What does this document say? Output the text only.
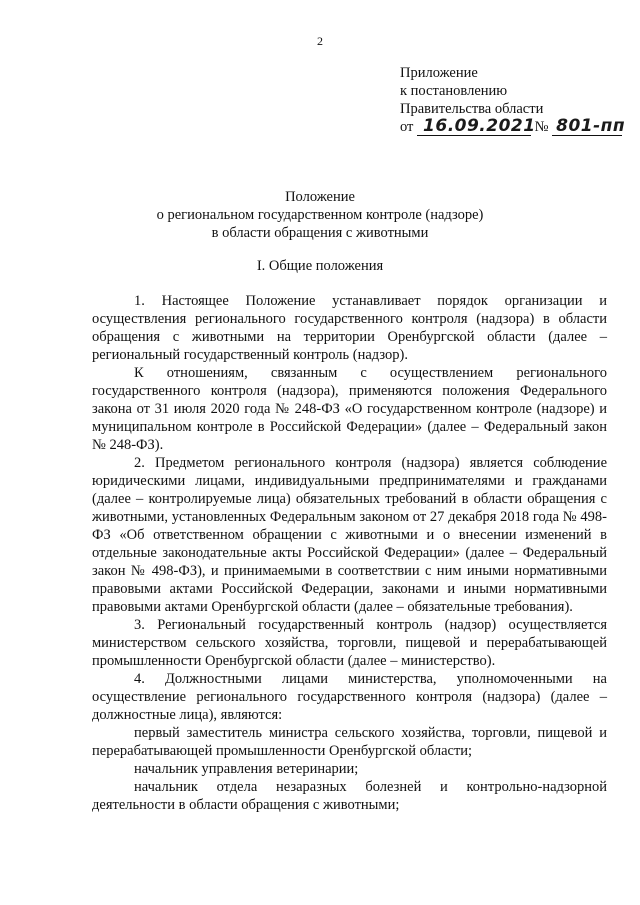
2
Приложение
к постановлению
Правительства области
от 16.09.2021 № 801-пп
Положение
о региональном государственном контроле (надзоре)
в области обращения с животными
I. Общие положения

1. Настоящее Положение устанавливает порядок организации и осуществления регионального государственного контроля (надзора) в области обращения с животными на территории Оренбургской области (далее – региональный государственный контроль (надзор).

К отношениям, связанным с осуществлением регионального государственного контроля (надзора), применяются положения Федерального закона от 31 июля 2020 года № 248-ФЗ «О государственном контроле (надзоре) и муниципальном контроле в Российской Федерации» (далее – Федеральный закон № 248-ФЗ).

2. Предметом регионального контроля (надзора) является соблюдение юридическими лицами, индивидуальными предпринимателями и гражданами (далее – контролируемые лица) обязательных требований в области обращения с животными, установленных Федеральным законом от 27 декабря 2018 года № 498-ФЗ «Об ответственном обращении с животными и о внесении изменений в отдельные законодательные акты Российской Федерации» (далее – Федеральный закон № 498-ФЗ), и принимаемыми в соответствии с ним иными нормативными правовыми актами Российской Федерации, законами и иными нормативными правовыми актами Оренбургской области (далее – обязательные требования).

3. Региональный государственный контроль (надзор) осуществляется министерством сельского хозяйства, торговли, пищевой и перерабатывающей промышленности Оренбургской области (далее – министерство).

4. Должностными лицами министерства, уполномоченными на осуществление регионального государственного контроля (надзора) (далее – должностные лица), являются:

первый заместитель министра сельского хозяйства, торговли, пищевой и перерабатывающей промышленности Оренбургской области;

начальник управления ветеринарии;

начальник отдела незаразных болезней и контрольно-надзорной деятельности в области обращения с животными;
